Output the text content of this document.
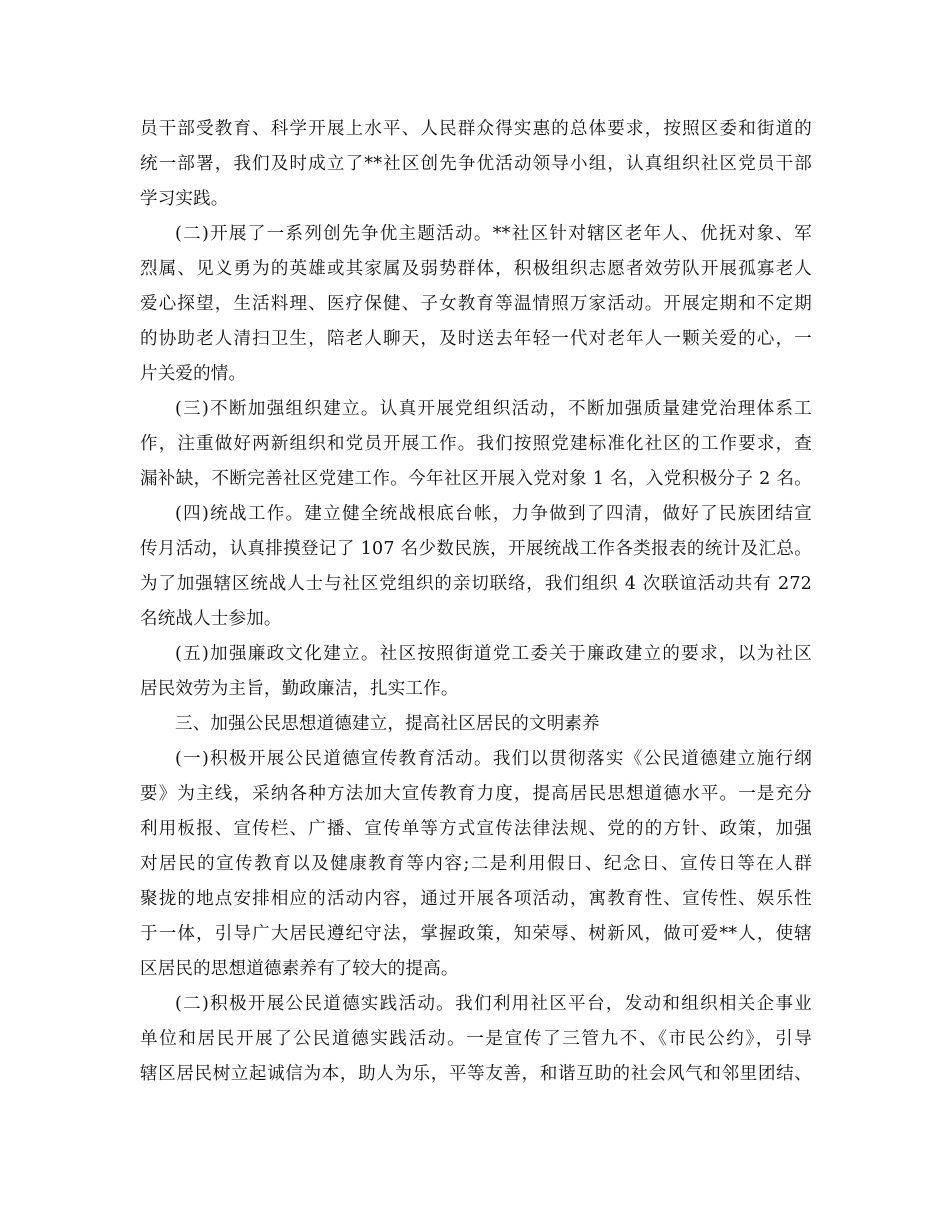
员干部受教育、科学开展上水平、人民群众得实惠的总体要求，按照区委和街道的
统一部署，我们及时成立了**社区创先争优活动领导小组，认真组织社区党员干部
学习实践。
(二)开展了一系列创先争优主题活动。**社区针对辖区老年人、优抚对象、军
烈属、见义勇为的英雄或其家属及弱势群体，积极组织志愿者效劳队开展孤寡老人
爱心探望，生活料理、医疗保健、子女教育等温情照万家活动。开展定期和不定期
的协助老人清扫卫生，陪老人聊天，及时送去年轻一代对老年人一颗关爱的心，一
片关爱的情。
(三)不断加强组织建立。认真开展党组织活动，不断加强质量建党治理体系工
作，注重做好两新组织和党员开展工作。我们按照党建标准化社区的工作要求，查
漏补缺，不断完善社区党建工作。今年社区开展入党对象 1 名，入党积极分子 2 名。
(四)统战工作。建立健全统战根底台帐，力争做到了四清，做好了民族团结宣
传月活动，认真排摸登记了 107 名少数民族，开展统战工作各类报表的统计及汇总。
为了加强辖区统战人士与社区党组织的亲切联络，我们组织 4 次联谊活动共有 272
名统战人士参加。
(五)加强廉政文化建立。社区按照街道党工委关于廉政建立的要求，以为社区
居民效劳为主旨，勤政廉洁，扎实工作。
三、加强公民思想道德建立，提高社区居民的文明素养
(一)积极开展公民道德宣传教育活动。我们以贯彻落实《公民道德建立施行纲
要》为主线，采纳各种方法加大宣传教育力度，提高居民思想道德水平。一是充分
利用板报、宣传栏、广播、宣传单等方式宣传法律法规、党的的方针、政策，加强
对居民的宣传教育以及健康教育等内容;二是利用假日、纪念日、宣传日等在人群
聚拢的地点安排相应的活动内容，通过开展各项活动，寓教育性、宣传性、娱乐性
于一体，引导广大居民遵纪守法，掌握政策，知荣辱、树新风，做可爱**人，使辖
区居民的思想道德素养有了较大的提高。
(二)积极开展公民道德实践活动。我们利用社区平台，发动和组织相关企事业
单位和居民开展了公民道德实践活动。一是宣传了三管九不、《市民公约》，引导
辖区居民树立起诚信为本，助人为乐，平等友善，和谐互助的社会风气和邻里团结、
